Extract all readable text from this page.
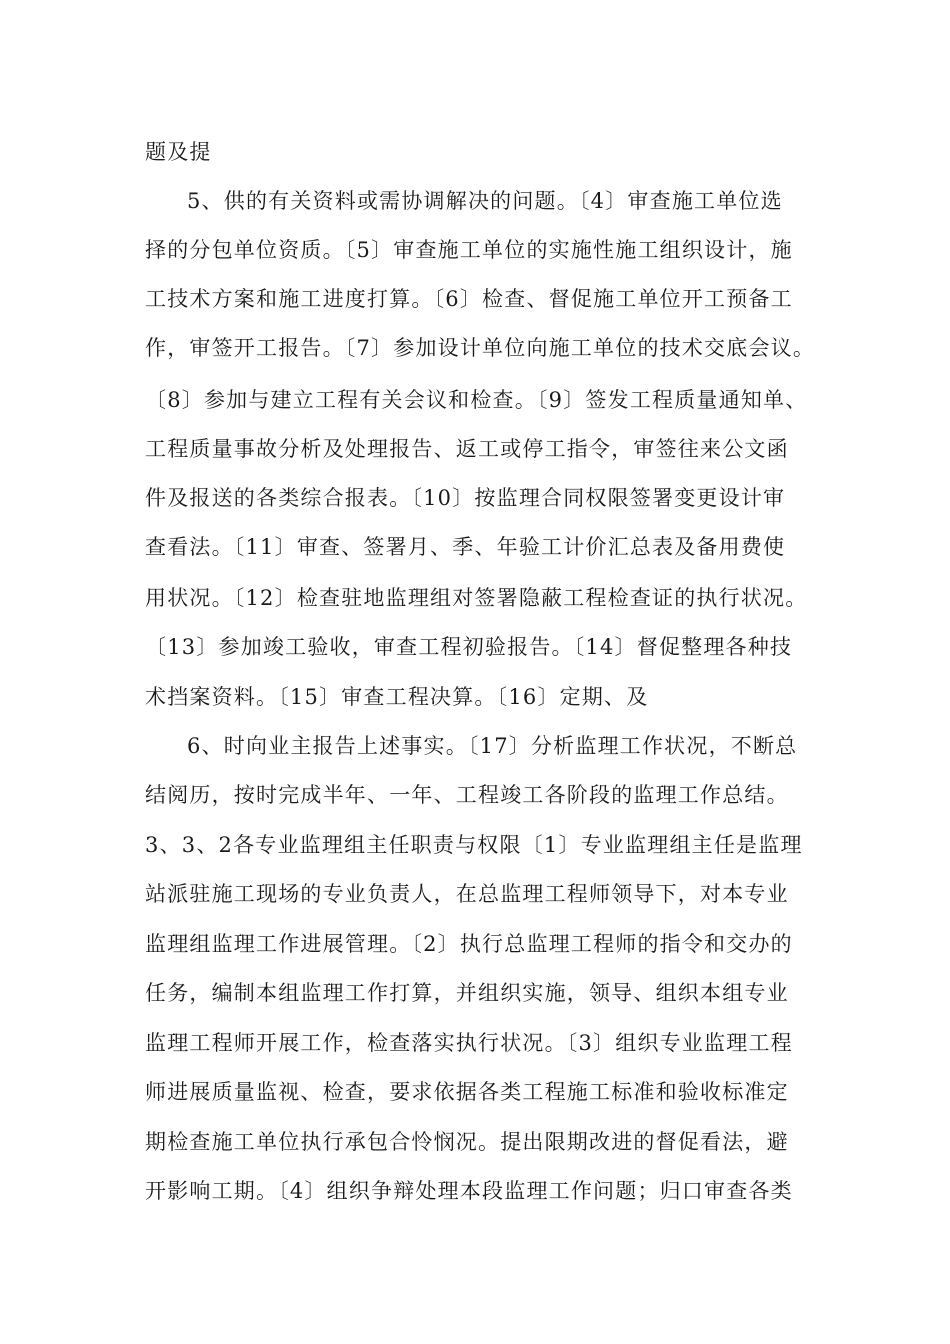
题及提
5、供的有关资料或需协调解决的问题。〔4〕审查施工单位选
择的分包单位资质。〔5〕审查施工单位的实施性施工组织设计，施
工技术方案和施工进度打算。〔6〕检查、督促施工单位开工预备工
作，审签开工报告。〔7〕参加设计单位向施工单位的技术交底会议。
〔8〕参加与建立工程有关会议和检查。〔9〕签发工程质量通知单、
工程质量事故分析及处理报告、返工或停工指令，审签往来公文函
件及报送的各类综合报表。〔10〕按监理合同权限签署变更设计审
查看法。〔11〕审查、签署月、季、年验工计价汇总表及备用费使
用状况。〔12〕检查驻地监理组对签署隐蔽工程检查证的执行状况。
〔13〕参加竣工验收，审查工程初验报告。〔14〕督促整理各种技
术挡案资料。〔15〕审查工程决算。〔16〕定期、及
6、时向业主报告上述事实。〔17〕分析监理工作状况，不断总
结阅历，按时完成半年、一年、工程竣工各阶段的监理工作总结。
3、3、2各专业监理组主任职责与权限〔1〕专业监理组主任是监理
站派驻施工现场的专业负责人，在总监理工程师领导下，对本专业
监理组监理工作进展管理。〔2〕执行总监理工程师的指令和交办的
任务，编制本组监理工作打算，并组织实施，领导、组织本组专业
监理工程师开展工作，检查落实执行状况。〔3〕组织专业监理工程
师进展质量监视、检查，要求依据各类工程施工标准和验收标准定
期检查施工单位执行承包合怜悯况。提出限期改进的督促看法，避
开影响工期。〔4〕组织争辩处理本段监理工作问题；归口审查各类
